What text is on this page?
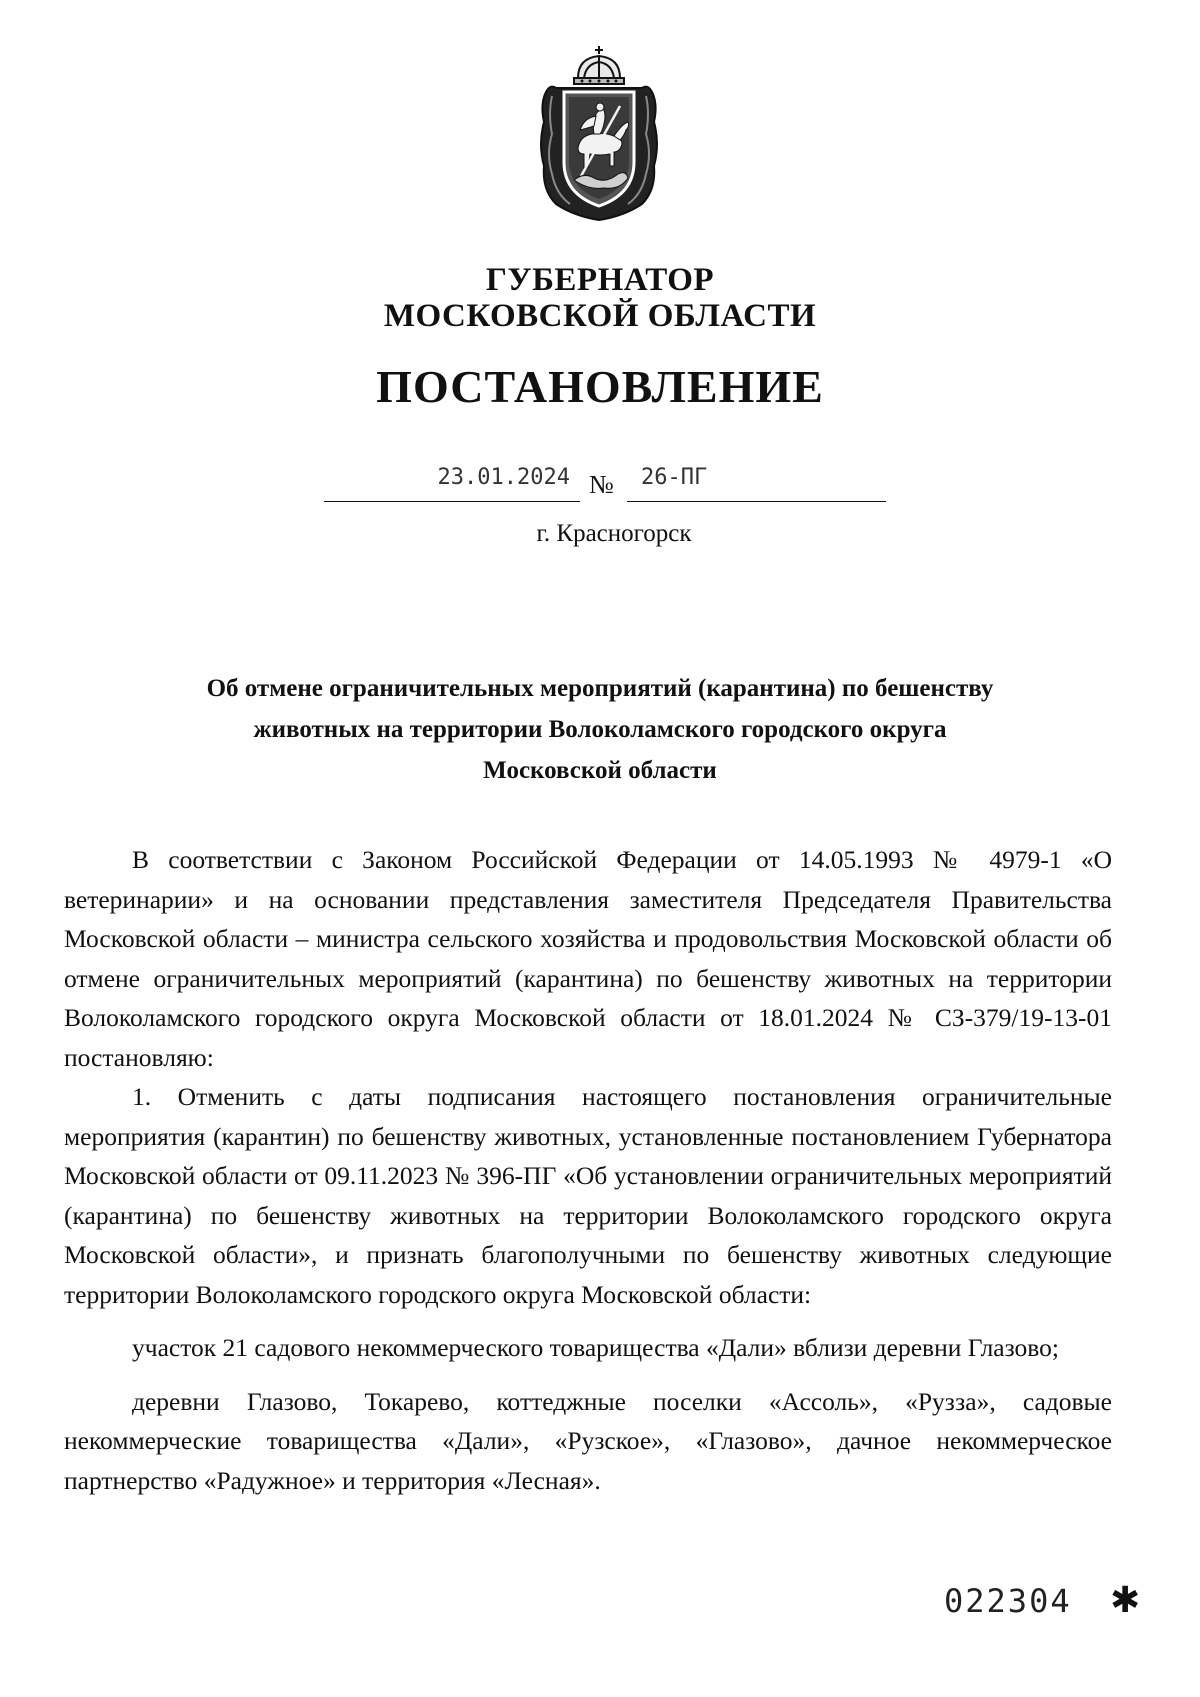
ГУБЕРНАТОР
МОСКОВСКОЙ ОБЛАСТИ
ПОСТАНОВЛЕНИЕ
23.01.2024 №	26-ПГ
г. Красногорск
Об отмене ограничительных мероприятий (карантина) по бешенству
животных на территории Волоколамского городского округа
Московской области

В соответствии с Законом Российской Федерации от 14.05.1993 № 4979-1 «О ветеринарии» и на основании представления заместителя Председателя Правительства Московской области – министра сельского хозяйства и продовольствия Московской области об отмене ограничительных мероприятий (карантина) по бешенству животных на территории Волоколамского городского округа Московской области от 18.01.2024 № СЗ-379/19-13-01 постановляю:

1. Отменить с даты подписания настоящего постановления ограничительные мероприятия (карантин) по бешенству животных, установленные постановлением Губернатора Московской области от 09.11.2023 № 396-ПГ «Об установлении ограничительных мероприятий (карантина) по бешенству животных на территории Волоколамского городского округа Московской области», и признать благополучными по бешенству животных следующие территории Волоколамского городского округа Московской области:

участок 21 садового некоммерческого товарищества «Дали» вблизи деревни Глазово;

деревни Глазово, Токарево, коттеджные поселки «Ассоль», «Рузза», садовые некоммерческие товарищества «Дали», «Рузское», «Глазово», дачное некоммерческое партнерство «Радужное» и территория «Лесная».

022304 ✱
